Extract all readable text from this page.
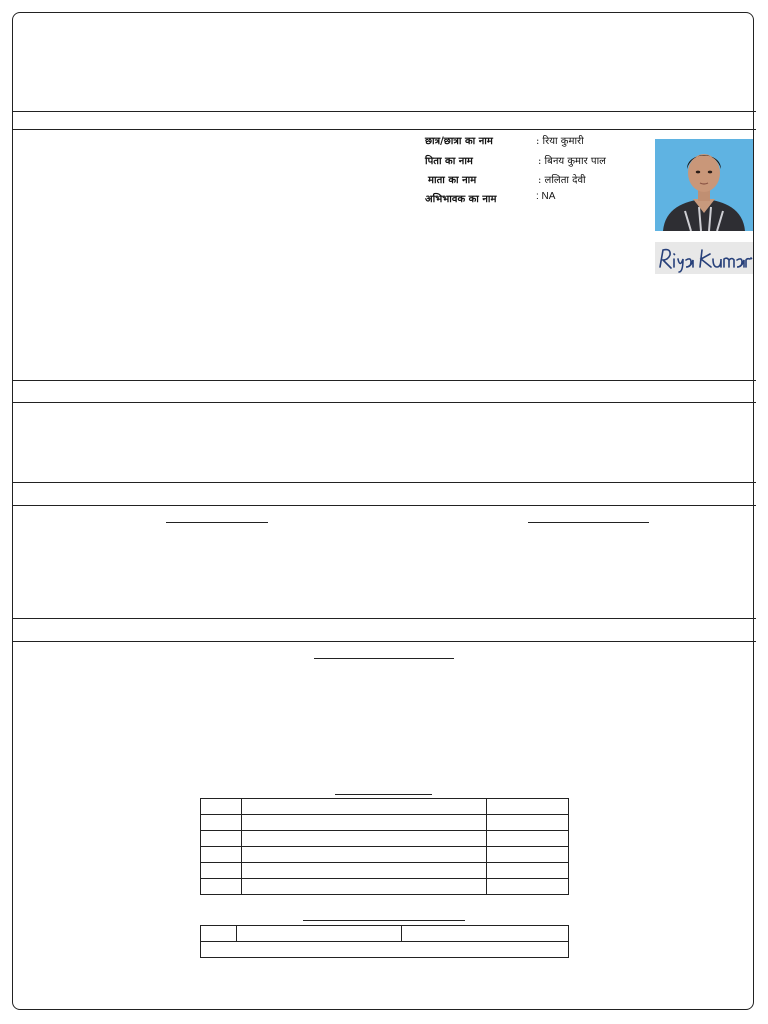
छात्र/छात्रा का नाम	: रिया कुमारी
पिता का नाम	: बिनय कुमार पाल
माता का नाम	: ललिता देवी
अभिभावक का नाम	: NA
